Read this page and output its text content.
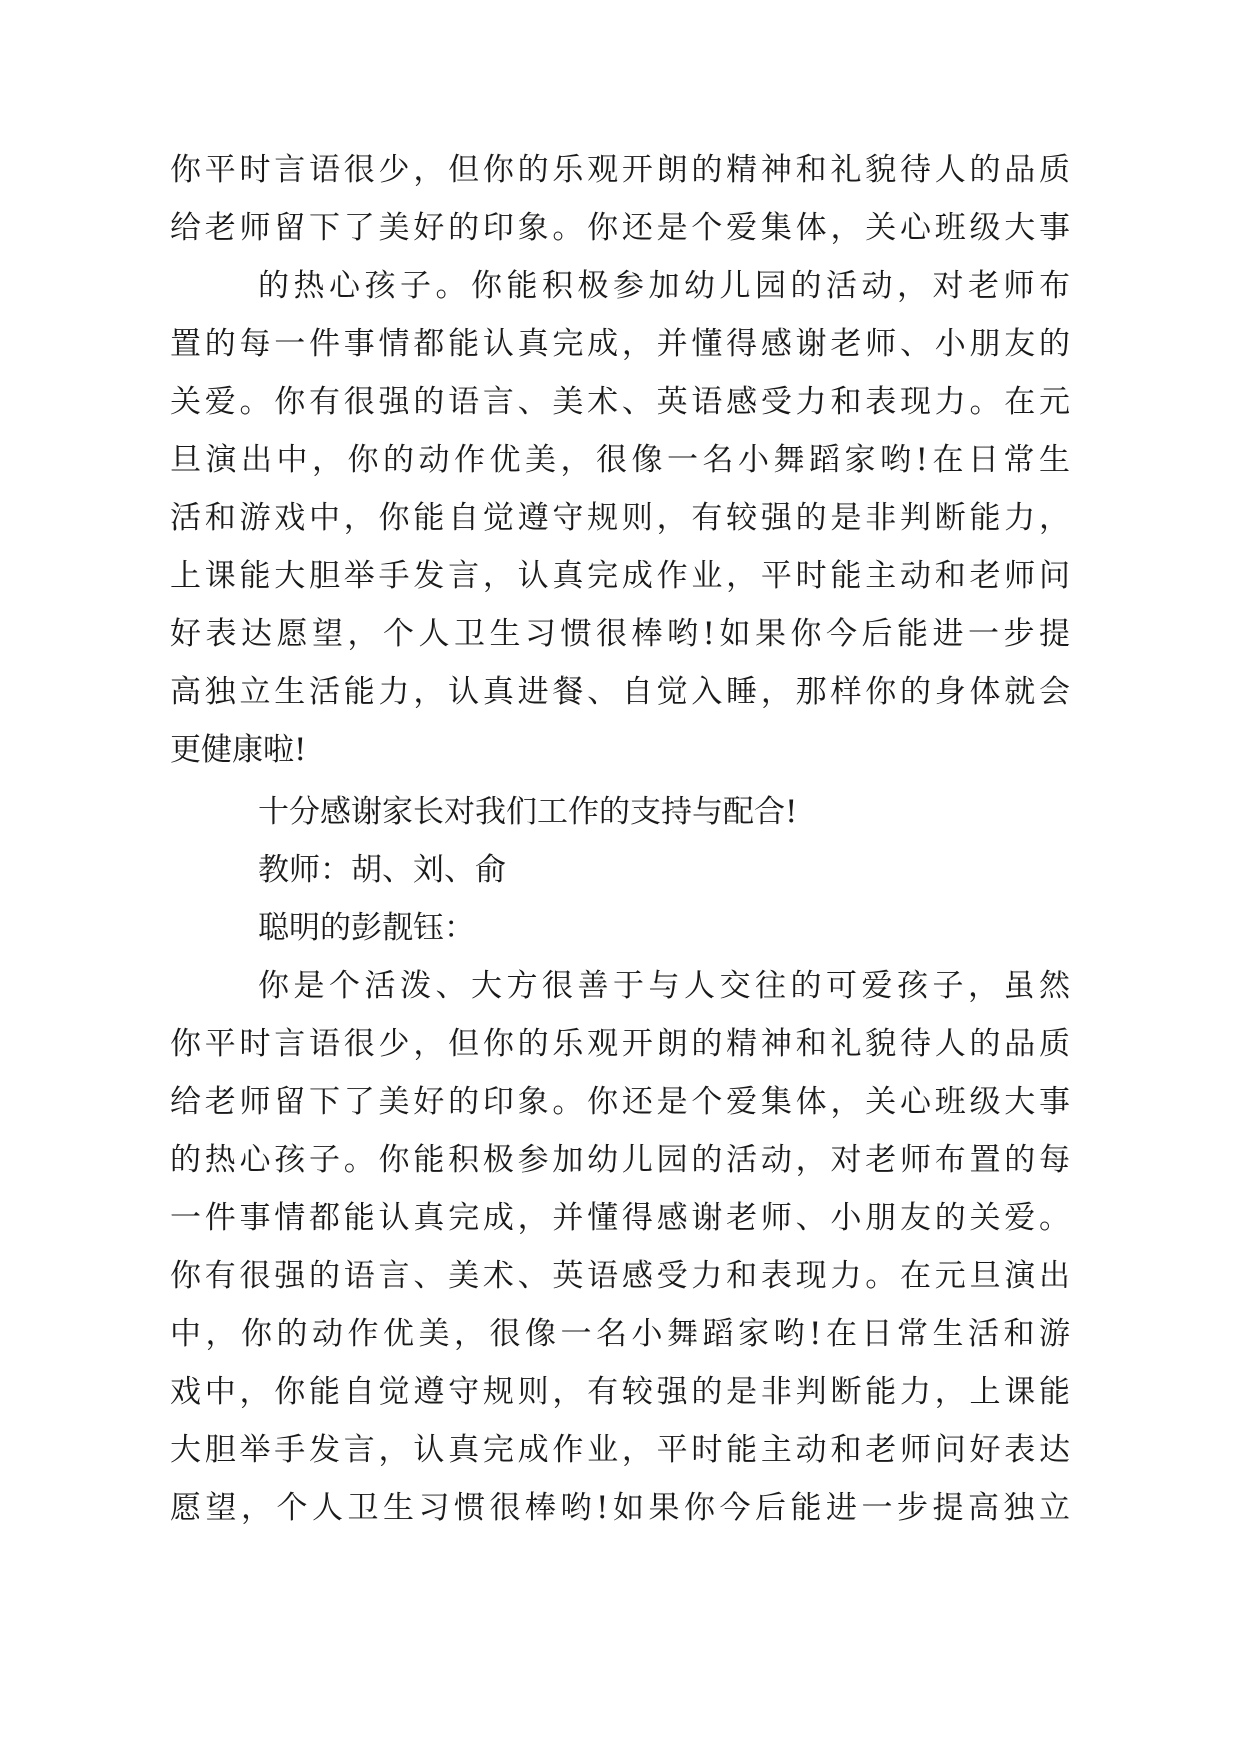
你平时言语很少，但你的乐观开朗的精神和礼貌待人的品质
给老师留下了美好的印象。你还是个爱集体，关心班级大事
的热心孩子。你能积极参加幼儿园的活动，对老师布
置的每一件事情都能认真完成，并懂得感谢老师、小朋友的
关爱。你有很强的语言、美术、英语感受力和表现力。在元
旦演出中，你的动作优美，很像一名小舞蹈家哟!在日常生
活和游戏中，你能自觉遵守规则，有较强的是非判断能力，
上课能大胆举手发言，认真完成作业，平时能主动和老师问
好表达愿望，个人卫生习惯很棒哟!如果你今后能进一步提
高独立生活能力，认真进餐、自觉入睡，那样你的身体就会
更健康啦!
十分感谢家长对我们工作的支持与配合!
教师：胡、刘、俞
聪明的彭靓钰：
你是个活泼、大方很善于与人交往的可爱孩子，虽然
你平时言语很少，但你的乐观开朗的精神和礼貌待人的品质
给老师留下了美好的印象。你还是个爱集体，关心班级大事
的热心孩子。你能积极参加幼儿园的活动，对老师布置的每
一件事情都能认真完成，并懂得感谢老师、小朋友的关爱。
你有很强的语言、美术、英语感受力和表现力。在元旦演出
中，你的动作优美，很像一名小舞蹈家哟!在日常生活和游
戏中，你能自觉遵守规则，有较强的是非判断能力，上课能
大胆举手发言，认真完成作业，平时能主动和老师问好表达
愿望，个人卫生习惯很棒哟!如果你今后能进一步提高独立
